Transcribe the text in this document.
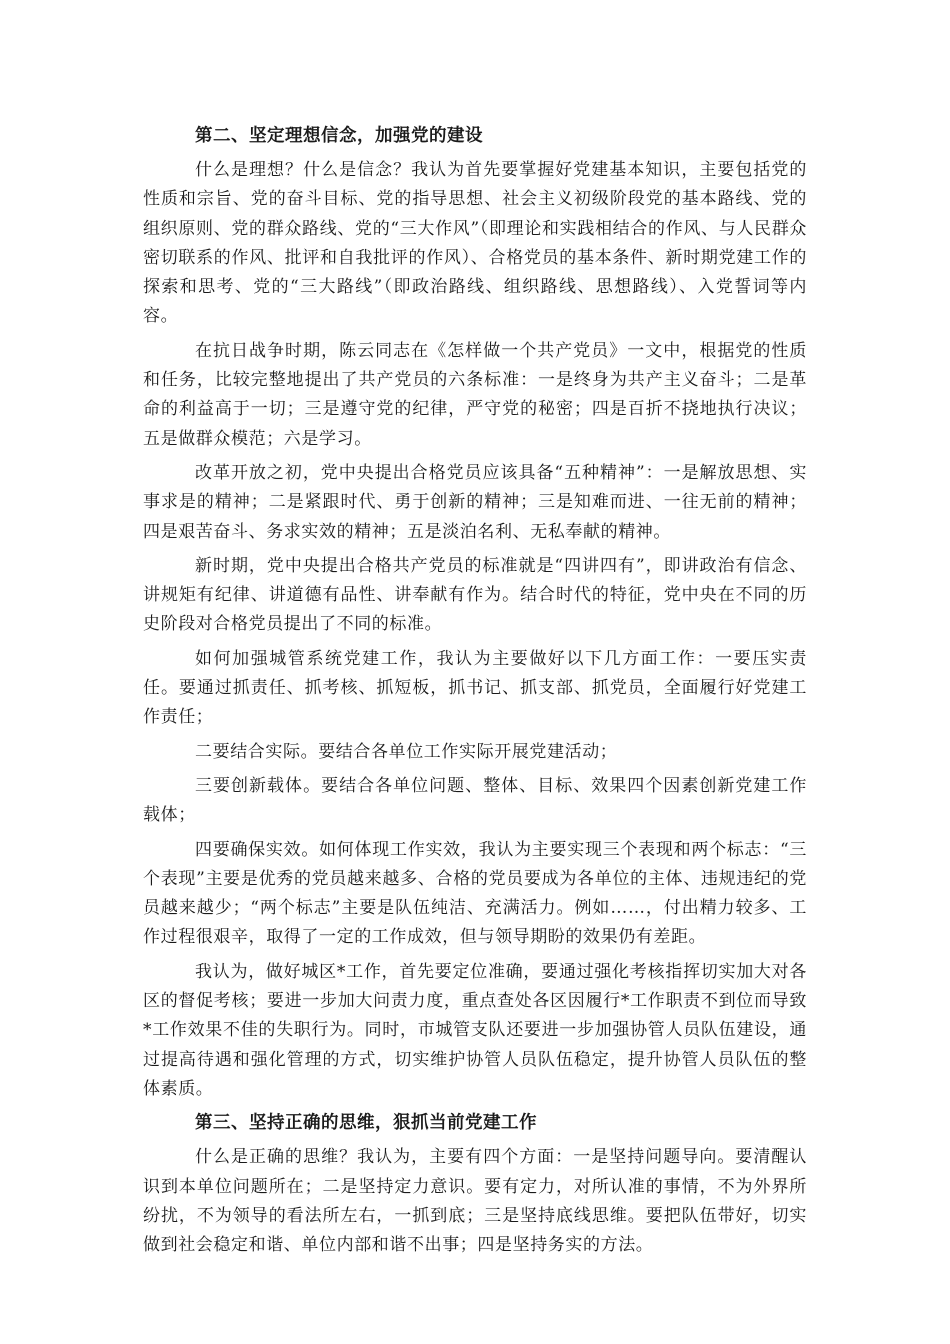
第二、坚定理想信念，加强党的建设

什么是理想？什么是信念？我认为首先要掌握好党建基本知识，主要包括党的性质和宗旨、党的奋斗目标、党的指导思想、社会主义初级阶段党的基本路线、党的组织原则、党的群众路线、党的“三大作风”（即理论和实践相结合的作风、与人民群众密切联系的作风、批评和自我批评的作风）、合格党员的基本条件、新时期党建工作的探索和思考、党的“三大路线”（即政治路线、组织路线、思想路线）、入党誓词等内容。

在抗日战争时期，陈云同志在《怎样做一个共产党员》一文中，根据党的性质和任务，比较完整地提出了共产党员的六条标准：一是终身为共产主义奋斗；二是革命的利益高于一切；三是遵守党的纪律，严守党的秘密；四是百折不挠地执行决议；五是做群众模范；六是学习。

改革开放之初，党中央提出合格党员应该具备“五种精神”：一是解放思想、实事求是的精神；二是紧跟时代、勇于创新的精神；三是知难而进、一往无前的精神；四是艰苦奋斗、务求实效的精神；五是淡泊名利、无私奉献的精神。

新时期，党中央提出合格共产党员的标准就是“四讲四有”，即讲政治有信念、讲规矩有纪律、讲道德有品性、讲奉献有作为。结合时代的特征，党中央在不同的历史阶段对合格党员提出了不同的标准。

如何加强城管系统党建工作，我认为主要做好以下几方面工作：一要压实责任。要通过抓责任、抓考核、抓短板，抓书记、抓支部、抓党员，全面履行好党建工作责任；

二要结合实际。要结合各单位工作实际开展党建活动；

三要创新载体。要结合各单位问题、整体、目标、效果四个因素创新党建工作载体；

四要确保实效。如何体现工作实效，我认为主要实现三个表现和两个标志：“三个表现”主要是优秀的党员越来越多、合格的党员要成为各单位的主体、违规违纪的党员越来越少；“两个标志”主要是队伍纯洁、充满活力。例如……，付出精力较多、工作过程很艰辛，取得了一定的工作成效，但与领导期盼的效果仍有差距。

我认为，做好城区*工作，首先要定位准确，要通过强化考核指挥切实加大对各区的督促考核；要进一步加大问责力度，重点查处各区因履行*工作职责不到位而导致*工作效果不佳的失职行为。同时，市城管支队还要进一步加强协管人员队伍建设，通过提高待遇和强化管理的方式，切实维护协管人员队伍稳定，提升协管人员队伍的整体素质。

第三、坚持正确的思维，狠抓当前党建工作

什么是正确的思维？我认为，主要有四个方面：一是坚持问题导向。要清醒认识到本单位问题所在；二是坚持定力意识。要有定力，对所认准的事情，不为外界所纷扰，不为领导的看法所左右，一抓到底；三是坚持底线思维。要把队伍带好，切实做到社会稳定和谐、单位内部和谐不出事；四是坚持务实的方法。
